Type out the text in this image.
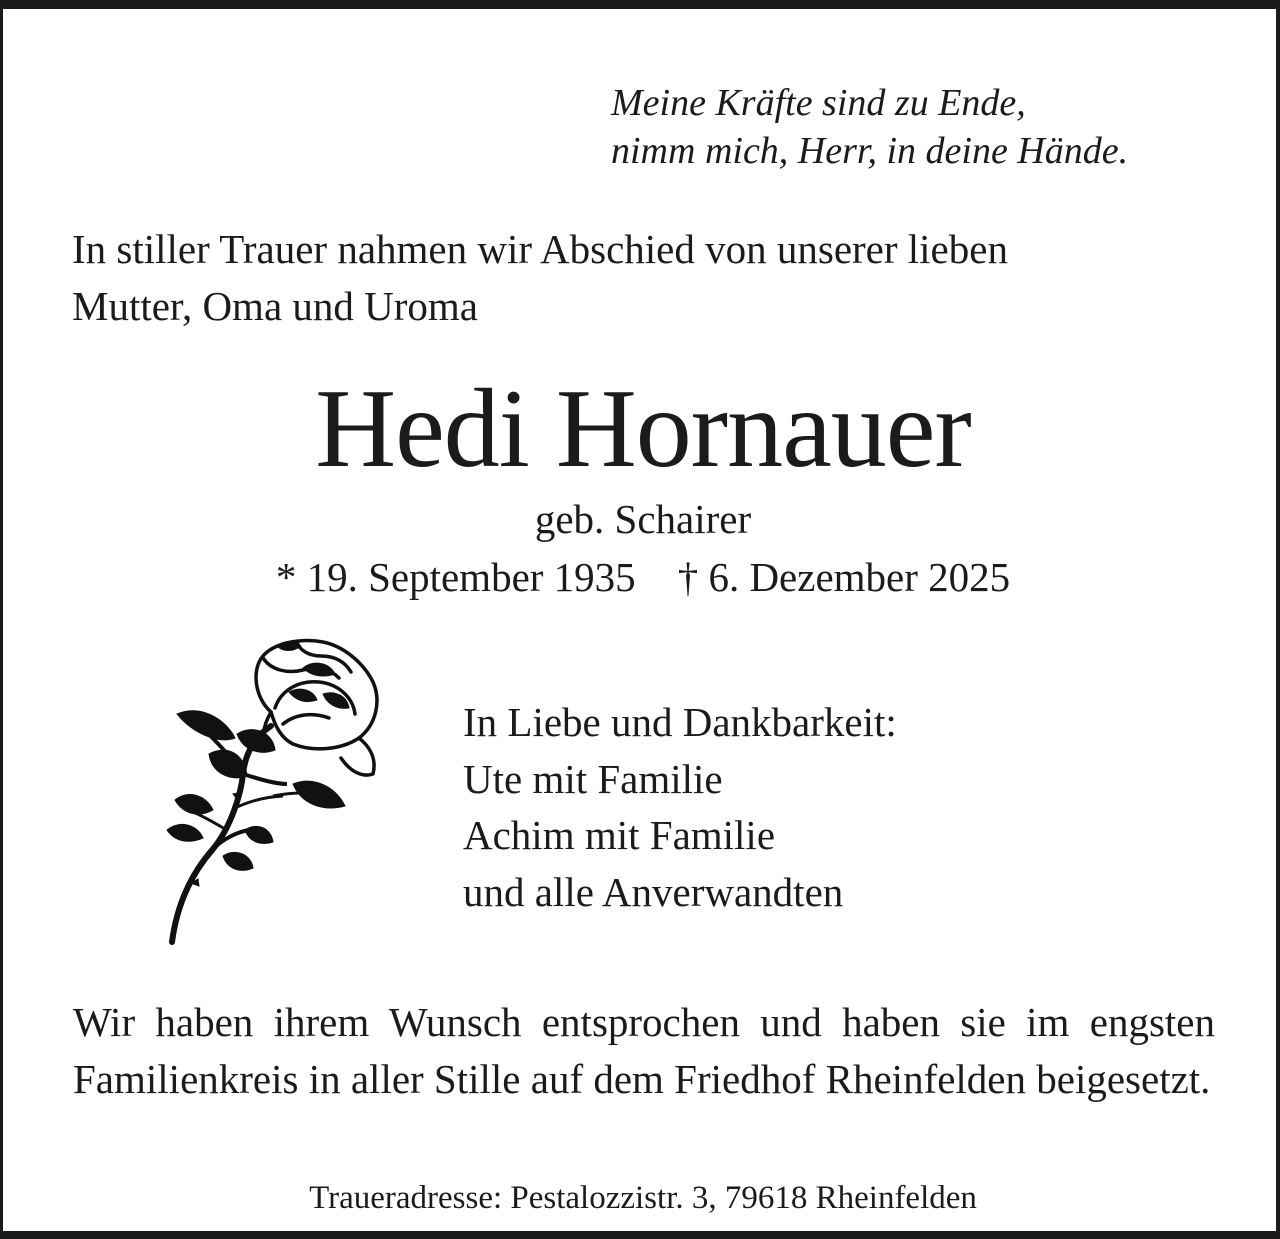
Meine Kräfte sind zu Ende,
nimm mich, Herr, in deine Hände.
In stiller Trauer nahmen wir Abschied von unserer lieben
Mutter, Oma und Uroma
Hedi Hornauer
geb. Schairer
* 19. September 1935 † 6. Dezember 2025
In Liebe und Dankbarkeit:
Ute mit Familie
Achim mit Familie
und alle Anverwandten
Wir haben ihrem Wunsch entsprochen und haben sie im engsten Familienkreis in aller Stille auf dem Friedhof Rheinfelden beigesetzt.
Traueradresse: Pestalozzistr. 3, 79618 Rheinfelden
